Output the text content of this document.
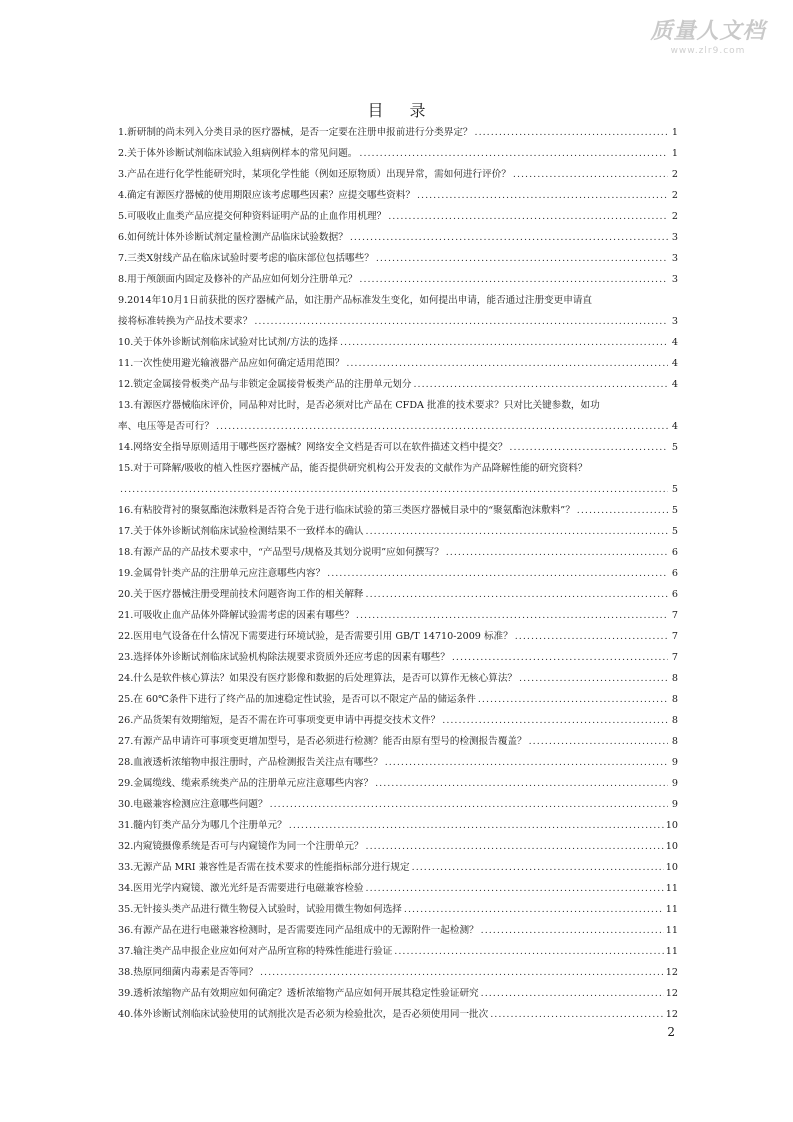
质量人文档
www.zlr9.com
目录
1.新研制的尚未列入分类目录的医疗器械，是否一定要在注册申报前进行分类界定？ .....	1
2.关于体外诊断试剂临床试验入组病例样本的常见问题。 .....	1
3.产品在进行化学性能研究时，某项化学性能（例如还原物质）出现异常，需如何进行评价？ .....	2
4.确定有源医疗器械的使用期限应该考虑哪些因素？应提交哪些资料？ .....	2
5.可吸收止血类产品应提交何种资料证明产品的止血作用机理？ .....	2
6.如何统计体外诊断试剂定量检测产品临床试验数据？ .....	3
7.三类X射线产品在临床试验时要考虑的临床部位包括哪些？ .....	3
8.用于颅颌面内固定及修补的产品应如何划分注册单元？ .....	3
9.2014年10月1日前获批的医疗器械产品，如注册产品标准发生变化，如何提出申请，能否通过注册变更申请直
接将标准转换为产品技术要求？ .....	3
10.关于体外诊断试剂临床试验对比试剂/方法的选择 .....	4
11.一次性使用避光输液器产品应如何确定适用范围？ .....	4
12.锁定金属接骨板类产品与非锁定金属接骨板类产品的注册单元划分 .....	4
13.有源医疗器械临床评价，同品种对比时，是否必须对比产品在 CFDA 批准的技术要求？只对比关键参数，如功
率、电压等是否可行？ .....	4
14.网络安全指导原则适用于哪些医疗器械？网络安全文档是否可以在软件描述文档中提交？ .....	5
15.对于可降解/吸收的植入性医疗器械产品，能否提供研究机构公开发表的文献作为产品降解性能的研究资料？
.....
5
16.有粘胶背衬的聚氨酯泡沫敷料是否符合免于进行临床试验的第三类医疗器械目录中的“聚氨酯泡沫敷料”？ .....	5
17.关于体外诊断试剂临床试验检测结果不一致样本的确认 .....	5
18.有源产品的产品技术要求中，“产品型号/规格及其划分说明”应如何撰写？ .....	6
19.金属骨针类产品的注册单元应注意哪些内容？ .....	6
20.关于医疗器械注册受理前技术问题咨询工作的相关解释 .....	6
21.可吸收止血产品体外降解试验需考虑的因素有哪些？ .....	7
22.医用电气设备在什么情况下需要进行环境试验，是否需要引用 GB/T 14710-2009 标准？ .....	7
23.选择体外诊断试剂临床试验机构除法规要求资质外还应考虑的因素有哪些？ .....	7
24.什么是软件核心算法？如果没有医疗影像和数据的后处理算法，是否可以算作无核心算法？ .....	8
25.在 60℃条件下进行了终产品的加速稳定性试验，是否可以不限定产品的储运条件 .....	8
26.产品货架有效期缩短，是否不需在许可事项变更申请中再提交技术文件？ .....	8
27.有源产品申请许可事项变更增加型号，是否必须进行检测？能否由原有型号的检测报告覆盖？ .....	8
28.血液透析浓缩物申报注册时，产品检测报告关注点有哪些？ .....	9
29.金属缆线、缆索系统类产品的注册单元应注意哪些内容？ .....	9
30.电磁兼容检测应注意哪些问题？ .....	9
31.髓内钉类产品分为哪几个注册单元？ .....	10
32.内窥镜摄像系统是否可与内窥镜作为同一个注册单元？ .....	10
33.无源产品 MRI 兼容性是否需在技术要求的性能指标部分进行规定 .....	10
34.医用光学内窥镜、激光光纤是否需要进行电磁兼容检验 .....	11
35.无针接头类产品进行微生物侵入试验时，试验用微生物如何选择 .....	11
36.有源产品在进行电磁兼容检测时，是否需要连同产品组成中的无源附件一起检测？ .....	11
37.输注类产品申报企业应如何对产品所宣称的特殊性能进行验证 .....	11
38.热原同细菌内毒素是否等同？ .....	12
39.透析浓缩物产品有效期应如何确定？透析浓缩物产品应如何开展其稳定性验证研究 .....	12
40.体外诊断试剂临床试验使用的试剂批次是否必须为检验批次，是否必须使用同一批次 .....	12
2
